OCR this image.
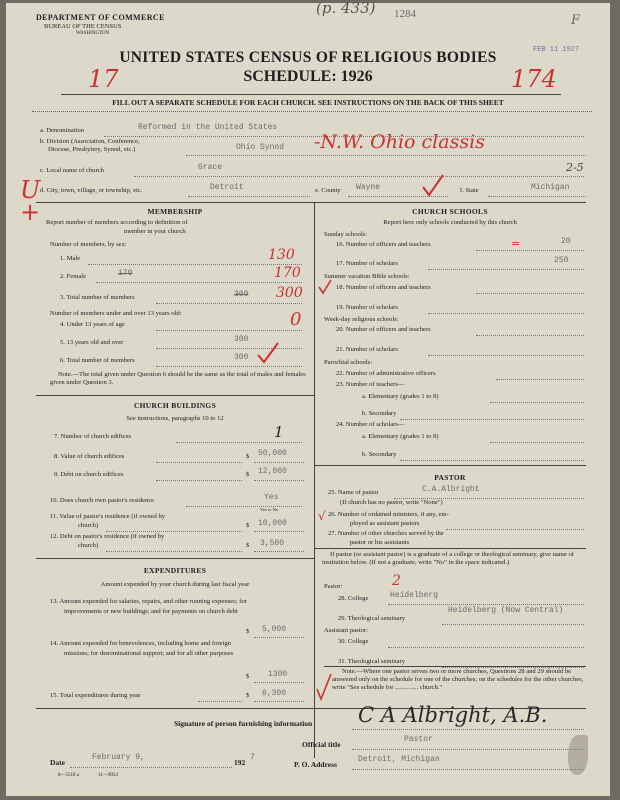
DEPARTMENT OF COMMERCE
BUREAU OF THE CENSUS
WASHINGTON
(p. 433) 1284	F
FEB 11 1927
UNITED STATES CENSUS OF RELIGIOUS BODIES
SCHEDULE: 1926
17	174
FILL OUT A SEPARATE SCHEDULE FOR EACH CHURCH. SEE INSTRUCTIONS ON THE BACK OF THIS SHEET
a. Denomination	Reformed in the United States
b. Division (Association, Conference,
Diocese, Presbytery, Synod, etc.)	Ohio Synod -N.W. Ohio classis
c. Local name of church	Grace	2-5
U +
d. City, town, village, or township, etc.	Detroit	e. County Wayne	f. State	Michigan
MEMBERSHIP
Report number of members according to definition of
member in your church
Number of members, by sex:
1. Male	130
2. Female	170	170
3. Total number of members	300 300
Number of members under and over 13 years old:
4. Under 13 years of age	0
5. 13 years old and over	300
6. Total number of members	300
Note.—The total given under Question 6 should be the same as the total of males and females given under Question 3.
CHURCH BUILDINGS
See instructions, paragraphs 10 to 12
7. Number of church edifices	1
8. Value of church edifices	$ 50,000
9. Debt on church edifices	$ 12,000
10. Does church own pastor's residence	Yes
Yes or No
11. Value of pastor's residence (if owned by
church)	$ 10,000
12. Debt on pastor's residence (if owned by
church)	$ 3,500
EXPENDITURES
Amount expended by your church during last fiscal year
13. Amount expended for salaries, repairs, and other running expenses; for improvements or new buildings; and for payments on church debt
$ 5,000
14. Amount expended for benevolences, including home and foreign missions; for denominational support; and for all other purposes
$ 1300
15. Total expenditures during year	$ 6,300
CHURCH SCHOOLS
Report here only schools conducted by this church
Sunday schools:
16. Number of officers and teachers	=	20
17. Number of scholars	250
Summer vacation Bible schools:
18. Number of officers and teachers
19. Number of scholars
Week-day religious schools:
20. Number of officers and teachers
21. Number of scholars
Parochial schools:
22. Number of administrative officers
23. Number of teachers—
a. Elementary (grades 1 to 8)
b. Secondary
24. Number of scholars—
a. Elementary (grades 1 to 8)
b. Secondary
PASTOR
25. Name of pastor	C.A.Albright
(If church has no pastor, write "None")
26. Number of ordained ministers, if any, em-
ployed as assistant pastors
√
27. Number of other churches served by the
pastor or his assistants
If pastor (or assistant pastor) is a graduate of a college or theological seminary, give name of institution below. (If not a graduate, write "No" in the space indicated.)
Pastor:	2
28. College	Heidelberg
29. Theological seminary
Heidelberg (Now Central)
Assistant pastor:
30. College
31. Theological seminary
Note.—Where one pastor serves two or more churches, Questions 28 and 29 should be answered only on the schedule for one of the churches; on the schedules for the other churches, write "See schedule for .............. church."
Signature of person furnishing information C A Albright, A.B.
Official title
Pastor
Date
February 9,
192
7
P. O. Address
Detroit, Michigan
8—5518 a	11—9054
